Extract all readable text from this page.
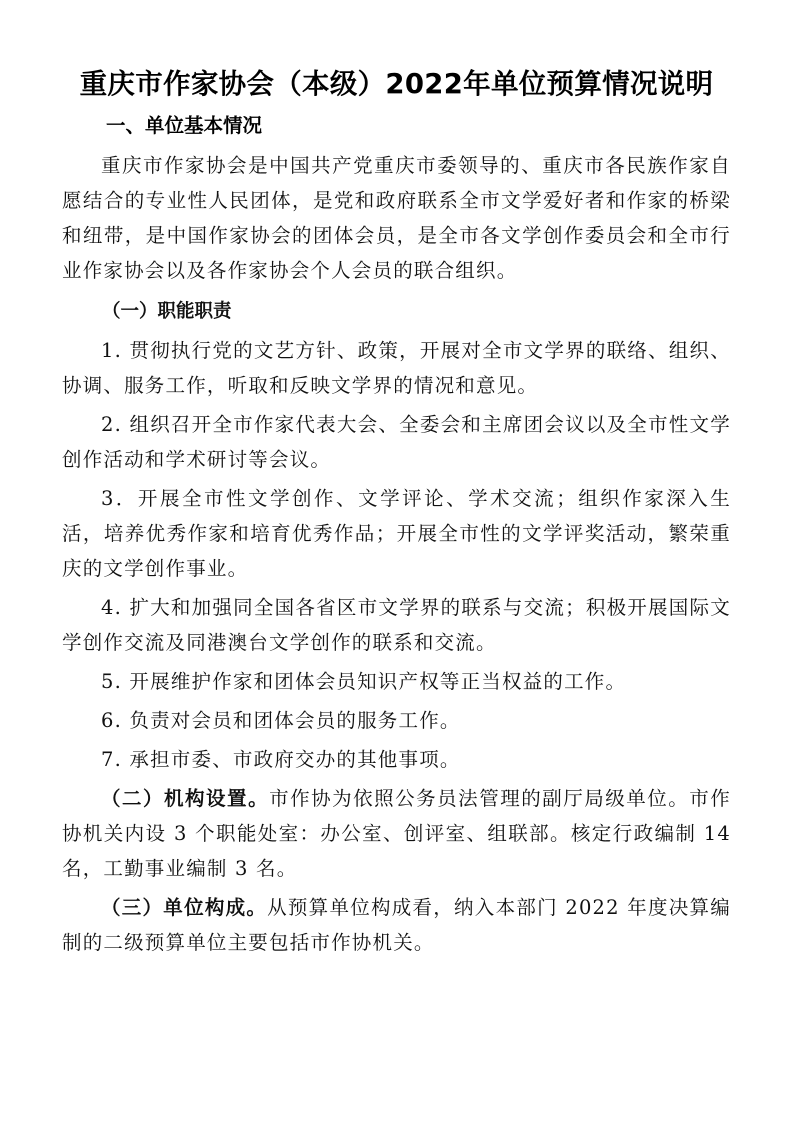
重庆市作家协会（本级）2022年单位预算情况说明
一、单位基本情况

重庆市作家协会是中国共产党重庆市委领导的、重庆市各民族作家自愿结合的专业性人民团体，是党和政府联系全市文学爱好者和作家的桥梁和纽带，是中国作家协会的团体会员，是全市各文学创作委员会和全市行业作家协会以及各作家协会个人会员的联合组织。

（一）职能职责

1. 贯彻执行党的文艺方针、政策，开展对全市文学界的联络、组织、协调、服务工作，听取和反映文学界的情况和意见。

2. 组织召开全市作家代表大会、全委会和主席团会议以及全市性文学创作活动和学术研讨等会议。

3．开展全市性文学创作、文学评论、学术交流；组织作家深入生活，培养优秀作家和培育优秀作品；开展全市性的文学评奖活动，繁荣重庆的文学创作事业。

4. 扩大和加强同全国各省区市文学界的联系与交流；积极开展国际文学创作交流及同港澳台文学创作的联系和交流。

5. 开展维护作家和团体会员知识产权等正当权益的工作。

6. 负责对会员和团体会员的服务工作。

7. 承担市委、市政府交办的其他事项。

（二）机构设置。市作协为依照公务员法管理的副厅局级单位。市作协机关内设 3 个职能处室：办公室、创评室、组联部。核定行政编制 14 名，工勤事业编制 3 名。

（三）单位构成。从预算单位构成看，纳入本部门 2022 年度决算编制的二级预算单位主要包括市作协机关。
